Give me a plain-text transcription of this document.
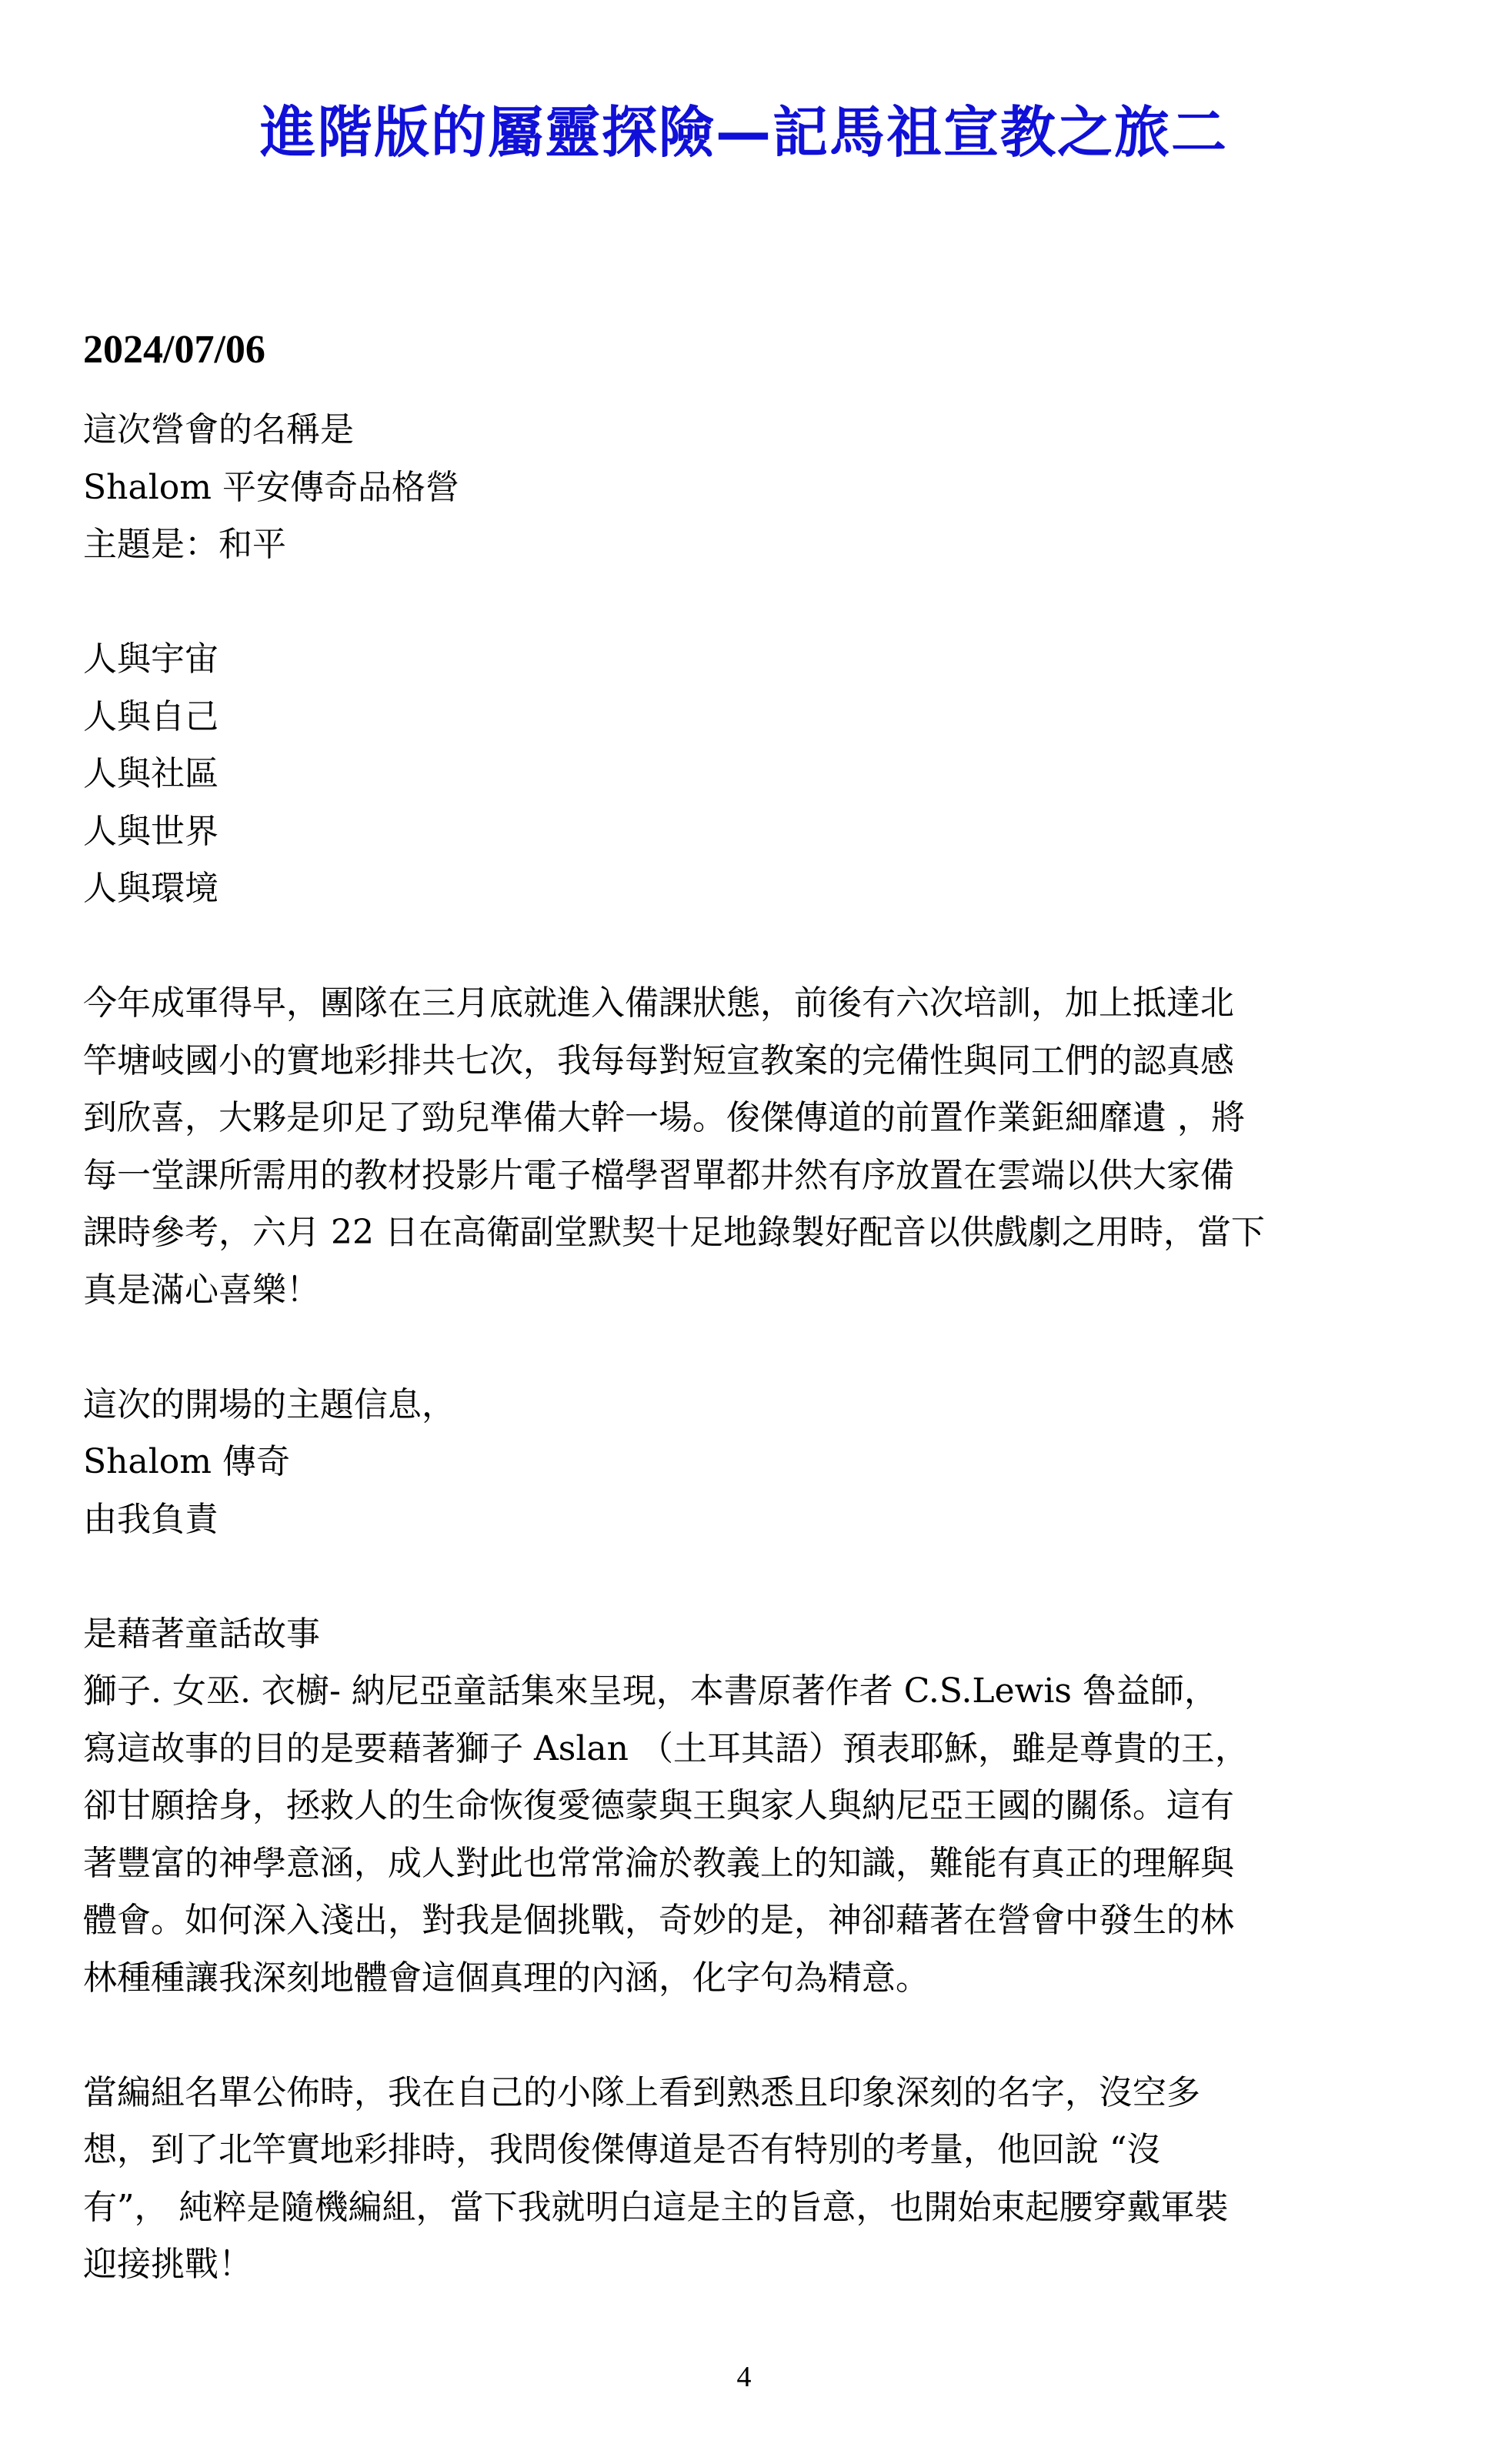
進階版的屬靈探險—記馬祖宣教之旅二
2024/07/06
這次營會的名稱是
Shalom 平安傳奇品格營
主題是：和平
人與宇宙
人與自己
人與社區
人與世界
人與環境
今年成軍得早，團隊在三月底就進入備課狀態，前後有六次培訓，加上抵達北
竿塘岐國小的實地彩排共七次，我每每對短宣教案的完備性與同工們的認真感
到欣喜，大夥是卯足了勁兒準備大幹一場。俊傑傳道的前置作業鉅細靡遺 ，將
每一堂課所需用的教材投影片電子檔學習單都井然有序放置在雲端以供大家備
課時參考，六月 22 日在高衛副堂默契十足地錄製好配音以供戲劇之用時，當下
真是滿心喜樂！
這次的開場的主題信息，
Shalom 傳奇
由我負責
是藉著童話故事
獅子. 女巫. 衣櫥- 納尼亞童話集來呈現，本書原著作者 C.S.Lewis 魯益師，
寫這故事的目的是要藉著獅子 Aslan （土耳其語）預表耶穌，雖是尊貴的王，
卻甘願捨身，拯救人的生命恢復愛德蒙與王與家人與納尼亞王國的關係。這有
著豐富的神學意涵，成人對此也常常淪於教義上的知識，難能有真正的理解與
體會。如何深入淺出，對我是個挑戰，奇妙的是，神卻藉著在營會中發生的林
林種種讓我深刻地體會這個真理的內涵，化字句為精意。
當編組名單公佈時，我在自己的小隊上看到熟悉且印象深刻的名字，沒空多
想，到了北竿實地彩排時，我問俊傑傳道是否有特別的考量，他回說 “沒
有”， 純粹是隨機編組，當下我就明白這是主的旨意，也開始束起腰穿戴軍裝
迎接挑戰！
4
